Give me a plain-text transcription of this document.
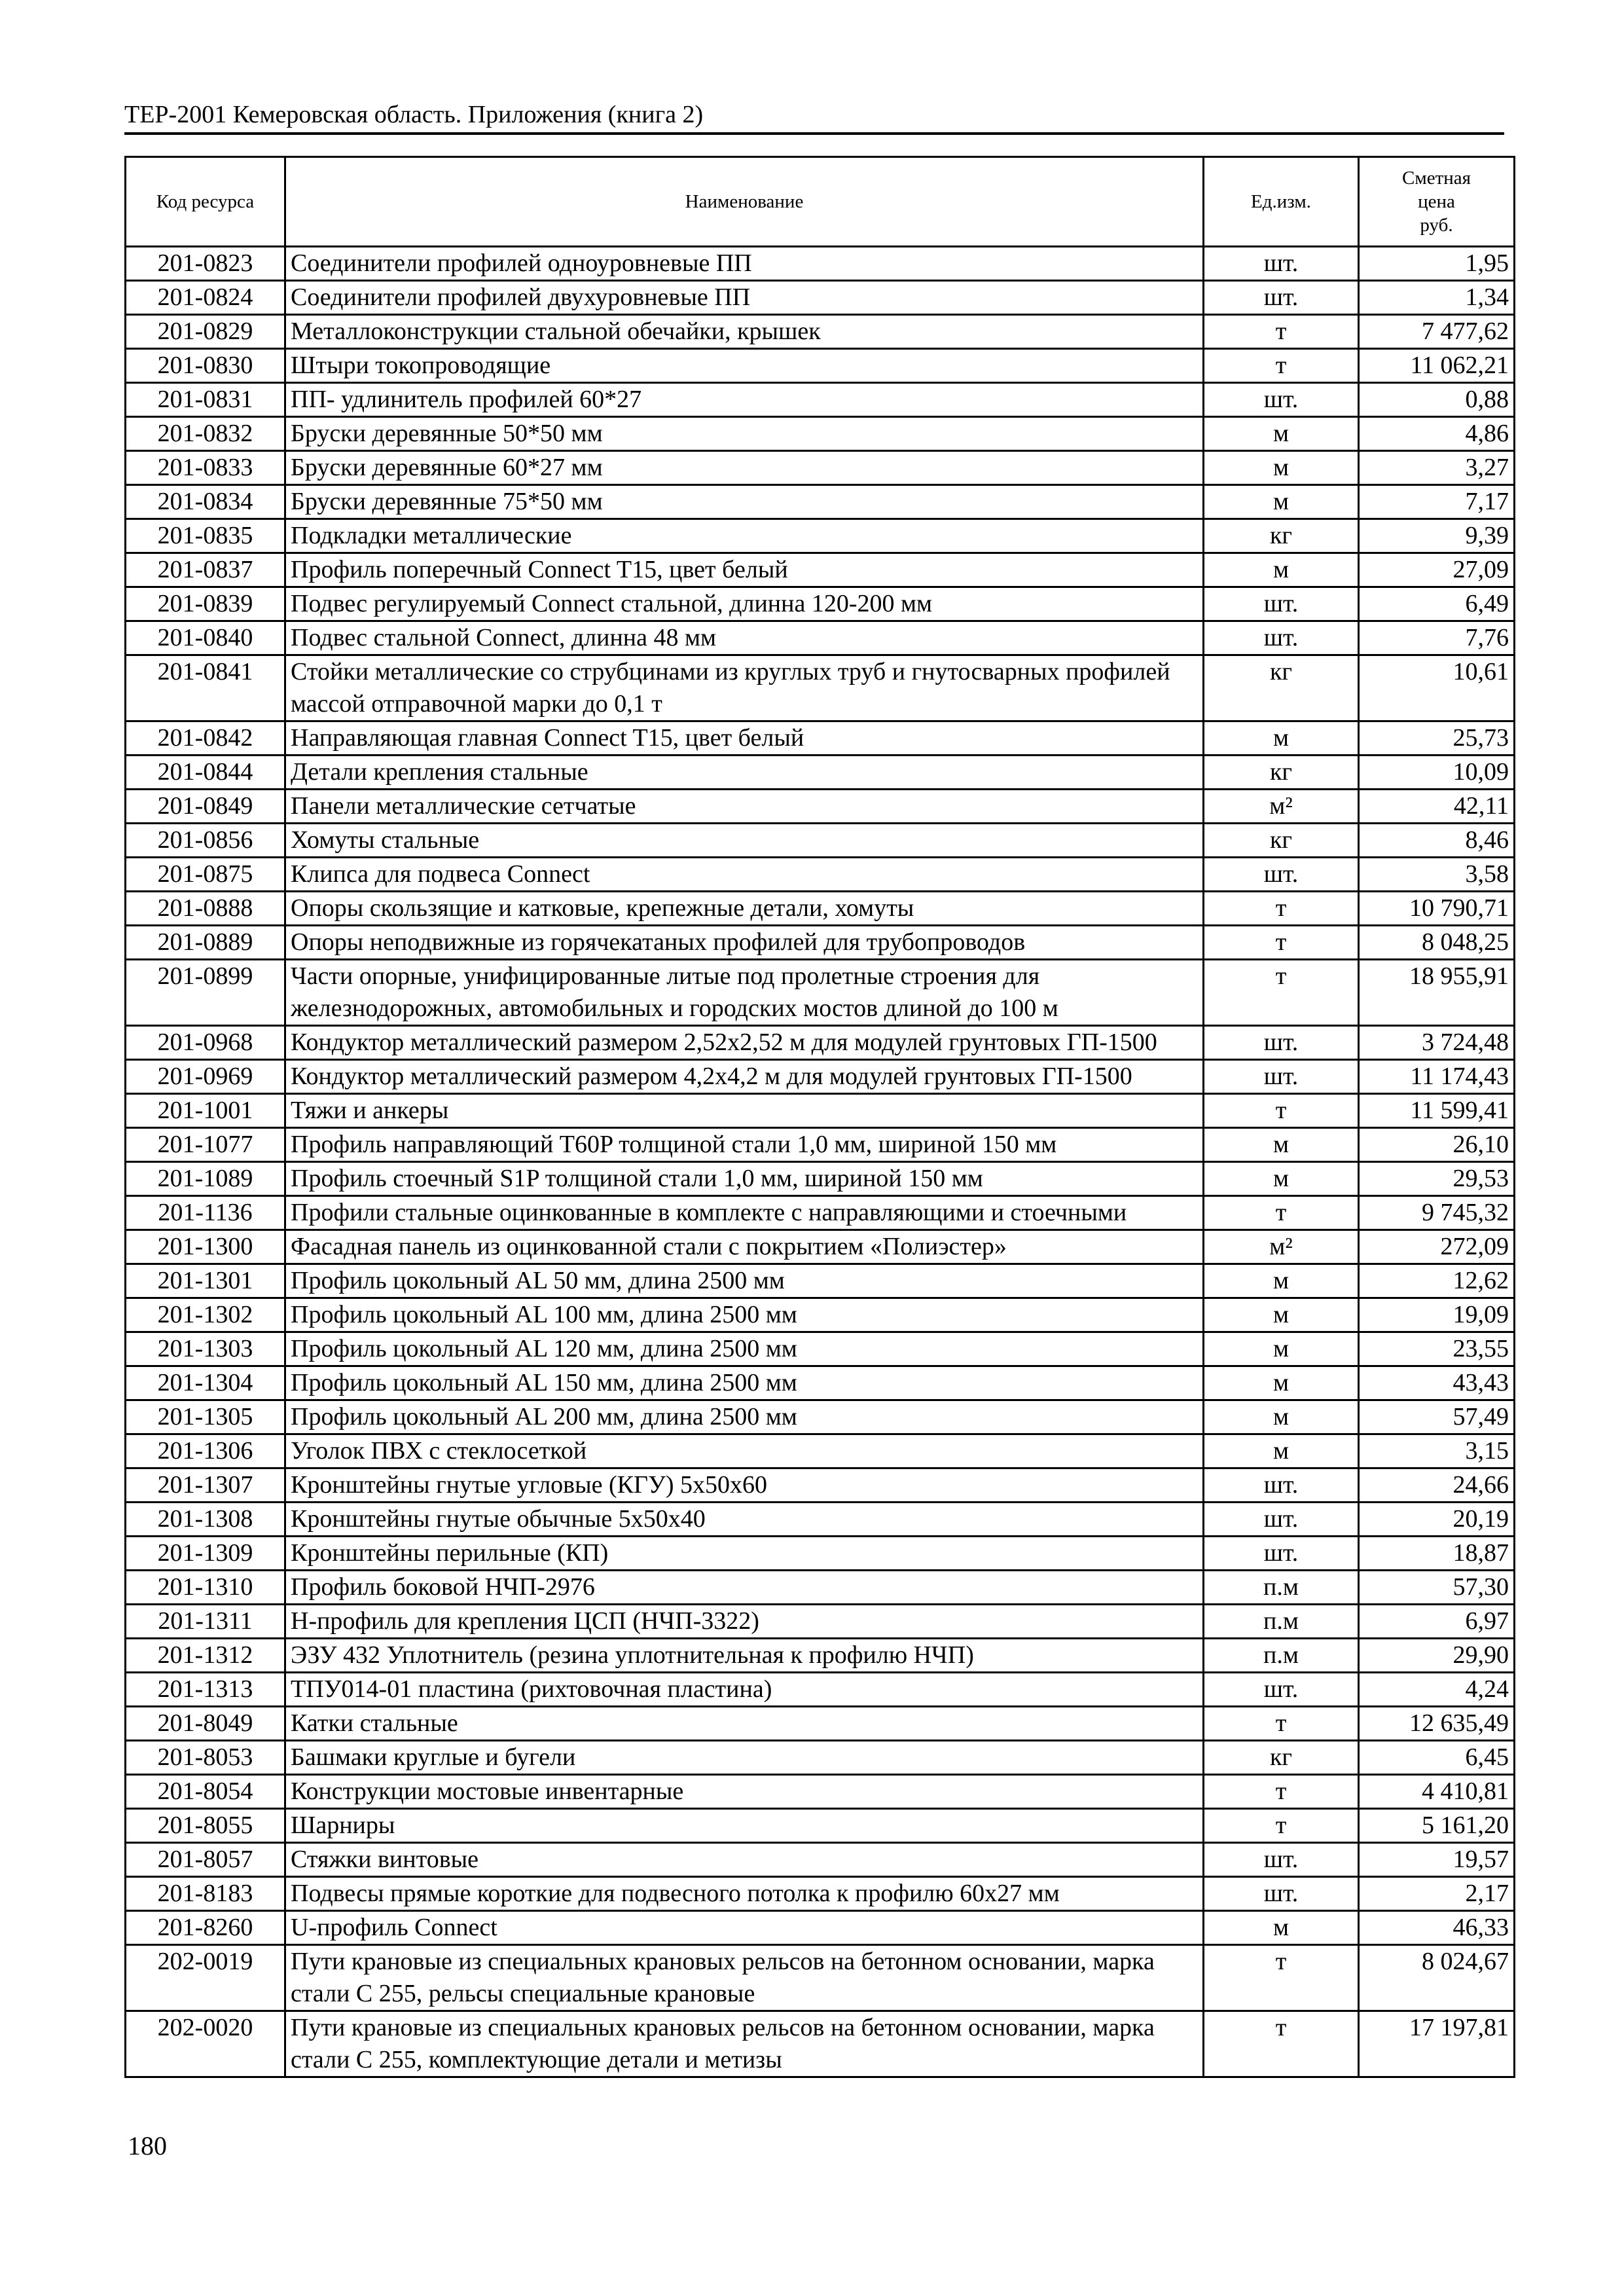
ТЕР-2001 Кемеровская область. Приложения (книга 2)
Код ресурса	Наименование	Ед.изм.	Сметная
цена
руб.
201-0823	Соединители профилей одноуровневые ПП	шт.	1,95
201-0824	Соединители профилей двухуровневые ПП	шт.	1,34
201-0829	Металлоконструкции стальной обечайки, крышек	т	7 477,62
201-0830	Штыри токопроводящие	т	11 062,21
201-0831	ПП- удлинитель профилей 60*27	шт.	0,88
201-0832	Бруски деревянные 50*50 мм	м	4,86
201-0833	Бруски деревянные 60*27 мм	м	3,27
201-0834	Бруски деревянные 75*50 мм	м	7,17
201-0835	Подкладки металлические	кг	9,39
201-0837	Профиль поперечный Connect T15, цвет белый	м	27,09
201-0839	Подвес регулируемый Connect стальной, длинна 120-200 мм	шт.	6,49
201-0840	Подвес стальной Connect, длинна 48 мм	шт.	7,76
201-0841	Стойки металлические со струбцинами из круглых труб и гнутосварных профилей массой отправочной марки до 0,1 т	кг	10,61
201-0842	Направляющая главная Connect T15, цвет белый	м	25,73
201-0844	Детали крепления стальные	кг	10,09
201-0849	Панели металлические сетчатые	м²	42,11
201-0856	Хомуты стальные	кг	8,46
201-0875	Клипса для подвеса Connect	шт.	3,58
201-0888	Опоры скользящие и катковые, крепежные детали, хомуты	т	10 790,71
201-0889	Опоры неподвижные из горячекатаных профилей для трубопроводов	т	8 048,25
201-0899	Части опорные, унифицированные литые под пролетные строения для железнодорожных, автомобильных и городских мостов длиной до 100 м	т	18 955,91
201-0968	Кондуктор металлический размером 2,52х2,52 м для модулей грунтовых ГП-1500	шт.	3 724,48
201-0969	Кондуктор металлический размером 4,2х4,2 м для модулей грунтовых ГП-1500	шт.	11 174,43
201-1001	Тяжи и анкеры	т	11 599,41
201-1077	Профиль направляющий T60P толщиной стали 1,0 мм, шириной 150 мм	м	26,10
201-1089	Профиль стоечный S1P толщиной стали 1,0 мм, шириной 150 мм	м	29,53
201-1136	Профили стальные оцинкованные в комплекте с направляющими и стоечными	т	9 745,32
201-1300	Фасадная панель из оцинкованной стали с покрытием «Полиэстер»	м²	272,09
201-1301	Профиль цокольный AL 50 мм, длина 2500 мм	м	12,62
201-1302	Профиль цокольный AL 100 мм, длина 2500 мм	м	19,09
201-1303	Профиль цокольный AL 120 мм, длина 2500 мм	м	23,55
201-1304	Профиль цокольный AL 150 мм, длина 2500 мм	м	43,43
201-1305	Профиль цокольный AL 200 мм, длина 2500 мм	м	57,49
201-1306	Уголок ПВХ с стеклосеткой	м	3,15
201-1307	Кронштейны гнутые угловые (КГУ) 5х50х60	шт.	24,66
201-1308	Кронштейны гнутые обычные 5х50х40	шт.	20,19
201-1309	Кронштейны перильные (КП)	шт.	18,87
201-1310	Профиль боковой НЧП-2976	п.м	57,30
201-1311	Н-профиль для крепления ЦСП (НЧП-3322)	п.м	6,97
201-1312	ЭЗУ 432 Уплотнитель (резина уплотнительная к профилю НЧП)	п.м	29,90
201-1313	ТПУ014-01 пластина (рихтовочная пластина)	шт.	4,24
201-8049	Катки стальные	т	12 635,49
201-8053	Башмаки круглые и бугели	кг	6,45
201-8054	Конструкции мостовые инвентарные	т	4 410,81
201-8055	Шарниры	т	5 161,20
201-8057	Стяжки винтовые	шт.	19,57
201-8183	Подвесы прямые короткие для подвесного потолка к профилю 60х27 мм	шт.	2,17
201-8260	U-профиль Connect	м	46,33
202-0019	Пути крановые из специальных крановых рельсов на бетонном основании, марка стали С 255, рельсы специальные крановые	т	8 024,67
202-0020	Пути крановые из специальных крановых рельсов на бетонном основании, марка стали С 255, комплектующие детали и метизы	т	17 197,81
180
